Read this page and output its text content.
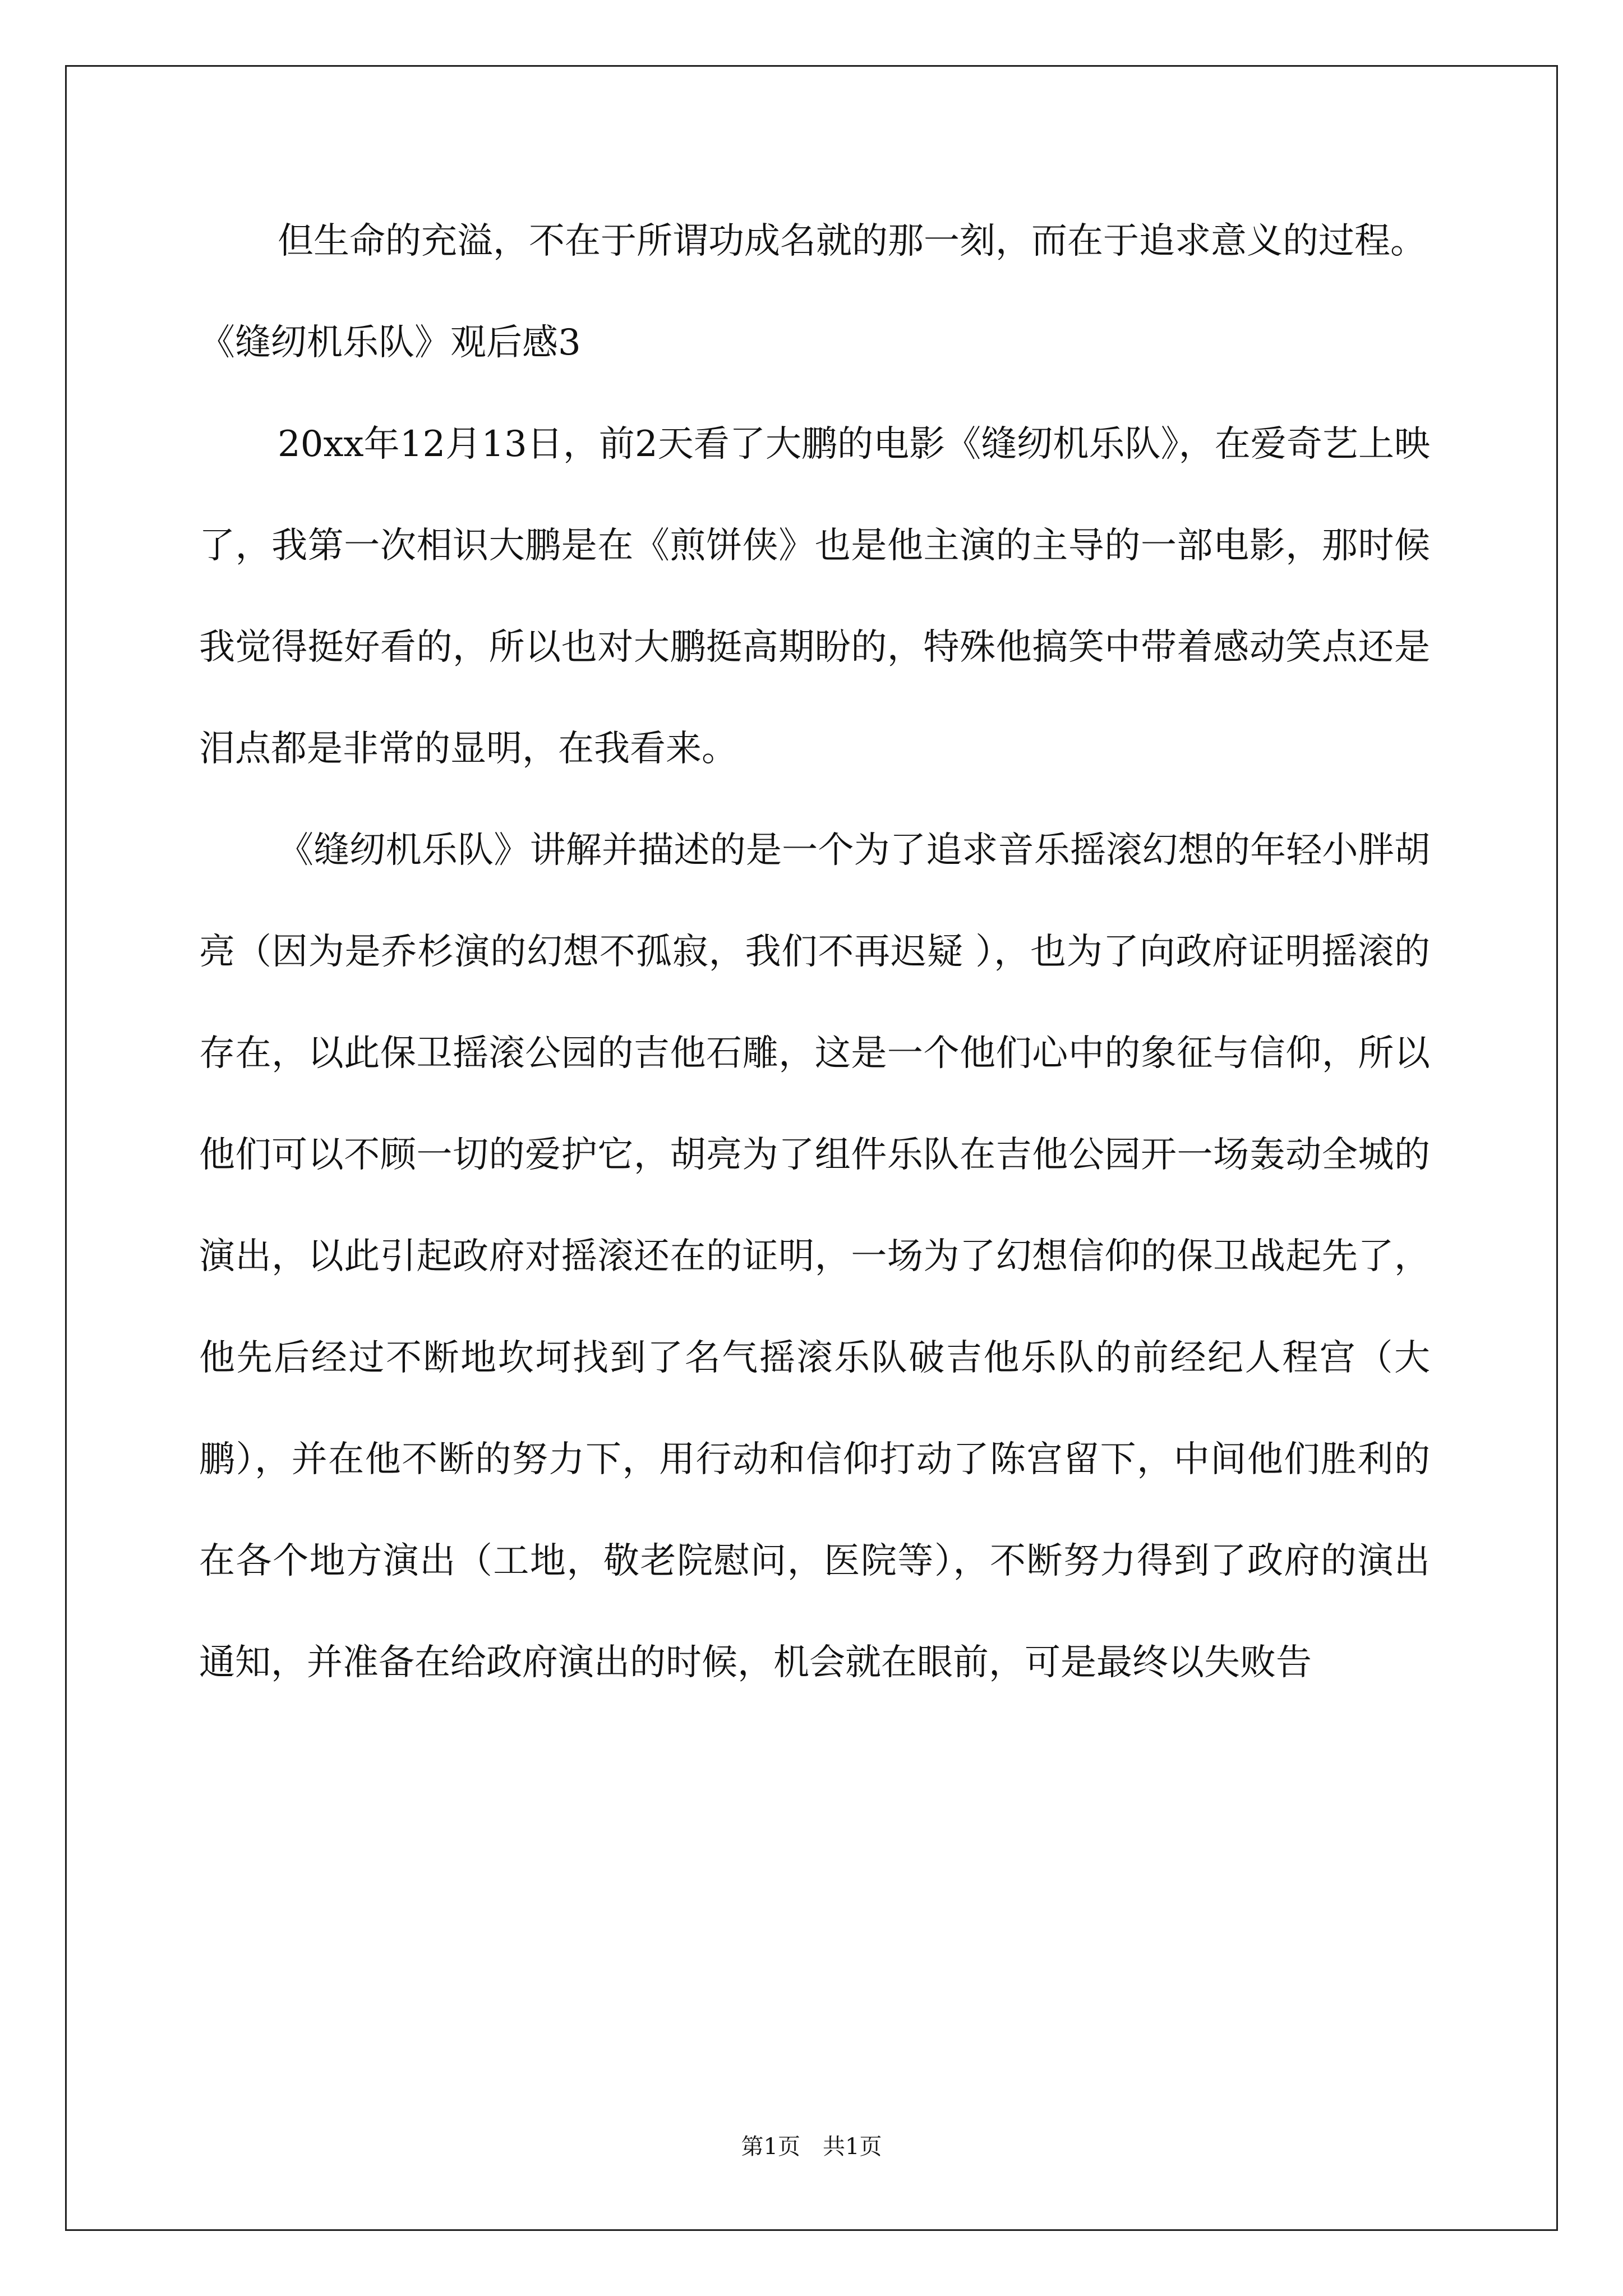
但生命的充溢，不在于所谓功成名就的那一刻，而在于追求意义的过程。

《缝纫机乐队》观后感3

20xx年12月13日，前2天看了大鹏的电影《缝纫机乐队》，在爱奇艺上映了，我第一次相识大鹏是在《煎饼侠》也是他主演的主导的一部电影，那时候我觉得挺好看的，所以也对大鹏挺高期盼的，特殊他搞笑中带着感动笑点还是泪点都是非常的显明，在我看来。

《缝纫机乐队》讲解并描述的是一个为了追求音乐摇滚幻想的年轻小胖胡亮（因为是乔杉演的幻想不孤寂，我们不再迟疑 ），也为了向政府证明摇滚的存在，以此保卫摇滚公园的吉他石雕，这是一个他们心中的象征与信仰，所以他们可以不顾一切的爱护它，胡亮为了组件乐队在吉他公园开一场轰动全城的演出，以此引起政府对摇滚还在的证明，一场为了幻想信仰的保卫战起先了，他先后经过不断地坎坷找到了名气摇滚乐队破吉他乐队的前经纪人程宫（大鹏），并在他不断的努力下，用行动和信仰打动了陈宫留下，中间他们胜利的在各个地方演出（工地，敬老院慰问，医院等），不断努力得到了政府的演出通知，并准备在给政府演出的时候，机会就在眼前，可是最终以失败告

第1页　共1页
